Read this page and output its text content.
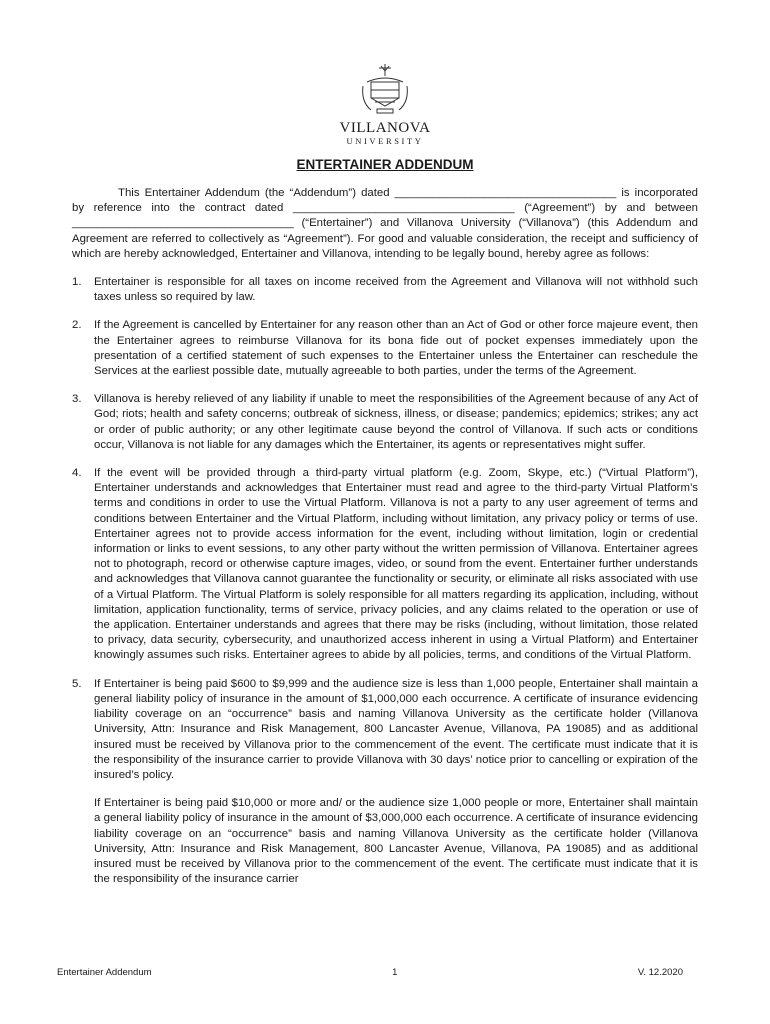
VILLANOVA
UNIVERSITY
ENTERTAINER ADDENDUM

This Entertainer Addendum (the “Addendum”) dated ___________________________________ is incorporated by reference into the contract dated ___________________________________ (“Agreement”) by and between ___________________________________ (“Entertainer”) and Villanova University (“Villanova”) (this Addendum and Agreement are referred to collectively as “Agreement”). For good and valuable consideration, the receipt and sufficiency of which are hereby acknowledged, Entertainer and Villanova, intending to be legally bound, hereby agree as follows:

1.	Entertainer is responsible for all taxes on income received from the Agreement and Villanova will not withhold such taxes unless so required by law.
2.	If the Agreement is cancelled by Entertainer for any reason other than an Act of God or other force majeure event, then the Entertainer agrees to reimburse Villanova for its bona fide out of pocket expenses immediately upon the presentation of a certified statement of such expenses to the Entertainer unless the Entertainer can reschedule the Services at the earliest possible date, mutually agreeable to both parties, under the terms of the Agreement.
3.	Villanova is hereby relieved of any liability if unable to meet the responsibilities of the Agreement because of any Act of God; riots; health and safety concerns; outbreak of sickness, illness, or disease; pandemics; epidemics; strikes; any act or order of public authority; or any other legitimate cause beyond the control of Villanova. If such acts or conditions occur, Villanova is not liable for any damages which the Entertainer, its agents or representatives might suffer.
4.	If the event will be provided through a third-party virtual platform (e.g. Zoom, Skype, etc.) (“Virtual Platform”), Entertainer understands and acknowledges that Entertainer must read and agree to the third-party Virtual Platform’s terms and conditions in order to use the Virtual Platform. Villanova is not a party to any user agreement of terms and conditions between Entertainer and the Virtual Platform, including without limitation, any privacy policy or terms of use. Entertainer agrees not to provide access information for the event, including without limitation, login or credential information or links to event sessions, to any other party without the written permission of Villanova. Entertainer agrees not to photograph, record or otherwise capture images, video, or sound from the event. Entertainer further understands and acknowledges that Villanova cannot guarantee the functionality or security, or eliminate all risks associated with use of a Virtual Platform. The Virtual Platform is solely responsible for all matters regarding its application, including, without limitation, application functionality, terms of service, privacy policies, and any claims related to the operation or use of the application. Entertainer understands and agrees that there may be risks (including, without limitation, those related to privacy, data security, cybersecurity, and unauthorized access inherent in using a Virtual Platform) and Entertainer knowingly assumes such risks. Entertainer agrees to abide by all policies, terms, and conditions of the Virtual Platform.
5.	If Entertainer is being paid $600 to $9,999 and the audience size is less than 1,000 people, Entertainer shall maintain a general liability policy of insurance in the amount of $1,000,000 each occurrence. A certificate of insurance evidencing liability coverage on an “occurrence” basis and naming Villanova University as the certificate holder (Villanova University, Attn: Insurance and Risk Management, 800 Lancaster Avenue, Villanova, PA 19085) and as additional insured must be received by Villanova prior to the commencement of the event. The certificate must indicate that it is the responsibility of the insurance carrier to provide Villanova with 30 days’ notice prior to cancelling or expiration of the insured’s policy.

If Entertainer is being paid $10,000 or more and/ or the audience size 1,000 people or more, Entertainer shall maintain a general liability policy of insurance in the amount of $3,000,000 each occurrence. A certificate of insurance evidencing liability coverage on an “occurrence” basis and naming Villanova University as the certificate holder (Villanova University, Attn: Insurance and Risk Management, 800 Lancaster Avenue, Villanova, PA 19085) and as additional insured must be received by Villanova prior to the commencement of the event. The certificate must indicate that it is the responsibility of the insurance carrier

Entertainer Addendum	1	V. 12.2020
